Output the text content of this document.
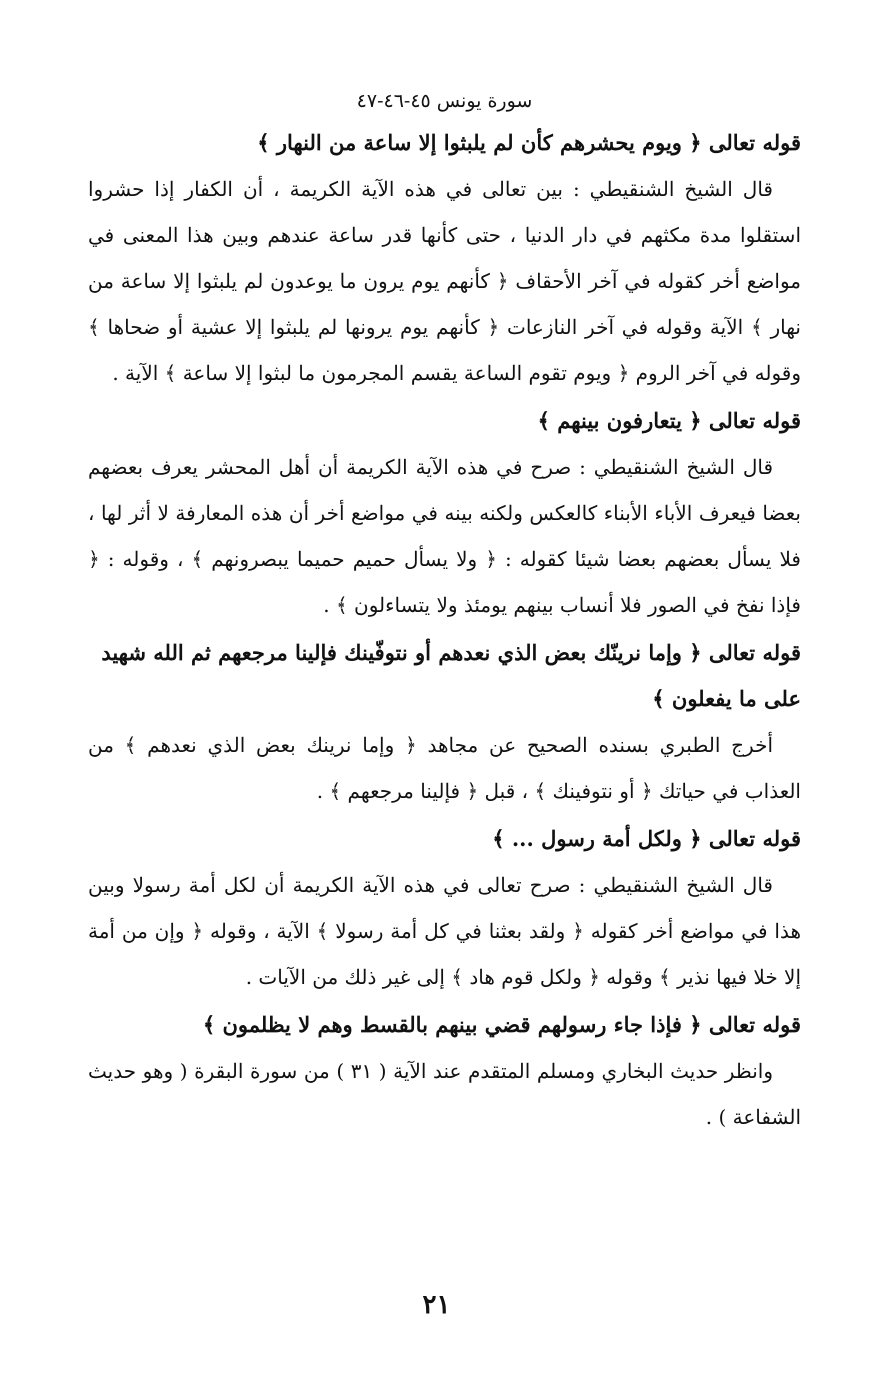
سورة يونس ٤٥-٤٦-٤٧

قوله تعالى ﴿ ويوم يحشرهم كأن لم يلبثوا إلا ساعة من النهار ﴾

قال الشيخ الشنقيطي : بين تعالى في هذه الآية الكريمة ، أن الكفار إذا حشروا استقلوا مدة مكثهم في دار الدنيا ، حتى كأنها قدر ساعة عندهم وبين هذا المعنى في مواضع أخر كقوله في آخر الأحقاف ﴿ كأنهم يوم يرون ما يوعدون لم يلبثوا إلا ساعة من نهار ﴾ الآية وقوله في آخر النازعات ﴿ كأنهم يوم يرونها لم يلبثوا إلا عشية أو ضحاها ﴾ وقوله في آخر الروم ﴿ ويوم تقوم الساعة يقسم المجرمون ما لبثوا إلا ساعة ﴾ الآية .

قوله تعالى ﴿ يتعارفون بينهم ﴾

قال الشيخ الشنقيطي : صرح في هذه الآية الكريمة أن أهل المحشر يعرف بعضهم بعضا فيعرف الأباء الأبناء كالعكس ولكنه بينه في مواضع أخر أن هذه المعارفة لا أثر لها ، فلا يسأل بعضهم بعضا شيئا كقوله : ﴿ ولا يسأل حميم حميما يبصرونهم ﴾ ، وقوله : ﴿ فإذا نفخ في الصور فلا أنساب بينهم يومئذ ولا يتساءلون ﴾ .

قوله تعالى ﴿ وإما نرينّك بعض الذي نعدهم أو نتوفّينك فإلينا مرجعهم ثم الله شهيد على ما يفعلون ﴾

أخرج الطبري بسنده الصحيح عن مجاهد ﴿ وإما نرينك بعض الذي نعدهم ﴾ من العذاب في حياتك ﴿ أو نتوفينك ﴾ ، قبل ﴿ فإلينا مرجعهم ﴾ .

قوله تعالى ﴿ ولكل أمة رسول ... ﴾

قال الشيخ الشنقيطي : صرح تعالى في هذه الآية الكريمة أن لكل أمة رسولا وبين هذا في مواضع أخر كقوله ﴿ ولقد بعثنا في كل أمة رسولا ﴾ الآية ، وقوله ﴿ وإن من أمة إلا خلا فيها نذير ﴾ وقوله ﴿ ولكل قوم هاد ﴾ إلى غير ذلك من الآيات .

قوله تعالى ﴿ فإذا جاء رسولهم قضي بينهم بالقسط وهم لا يظلمون ﴾

وانظر حديث البخاري ومسلم المتقدم عند الآية ( ٣١ ) من سورة البقرة ( وهو حديث الشفاعة ) .

٢١
